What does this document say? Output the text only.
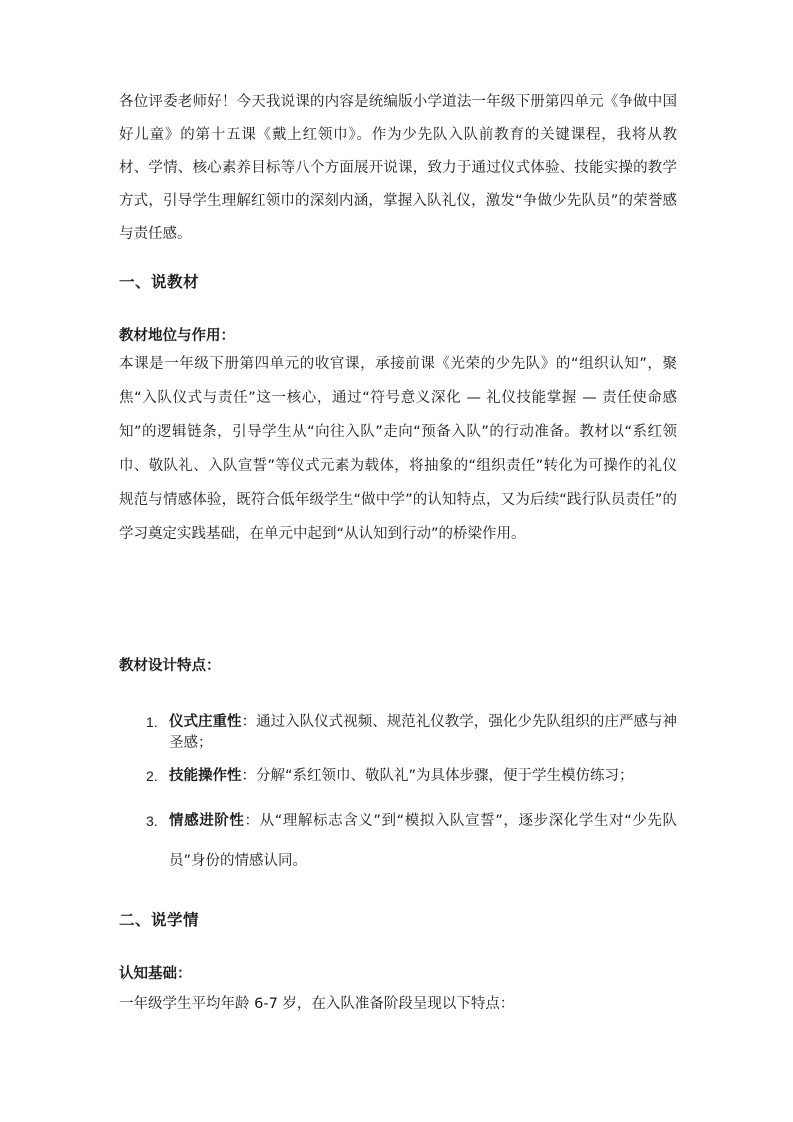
各位评委老师好！今天我说课的内容是统编版小学道法一年级下册第四单元《争做中国好儿童》的第十五课《戴上红领巾》。作为少先队入队前教育的关键课程，我将从教材、学情、核心素养目标等八个方面展开说课，致力于通过仪式体验、技能实操的教学方式，引导学生理解红领巾的深刻内涵，掌握入队礼仪，激发“争做少先队员”的荣誉感与责任感。

一、说教材
教材地位与作用：

本课是一年级下册第四单元的收官课，承接前课《光荣的少先队》的“组织认知”，聚焦“入队仪式与责任”这一核心，通过“符号意义深化 — 礼仪技能掌握 — 责任使命感知”的逻辑链条，引导学生从“向往入队”走向“预备入队”的行动准备。教材以“系红领巾、敬队礼、入队宣誓”等仪式元素为载体，将抽象的“组织责任”转化为可操作的礼仪规范与情感体验，既符合低年级学生“做中学”的认知特点，又为后续“践行队员责任”的学习奠定实践基础，在单元中起到“从认知到行动”的桥梁作用。

教材设计特点：
1. 仪式庄重性：通过入队仪式视频、规范礼仪教学，强化少先队组织的庄严感与神圣感；
2. 技能操作性：分解“系红领巾、敬队礼”为具体步骤，便于学生模仿练习；
3. 情感进阶性：从“理解标志含义”到“模拟入队宣誓”，逐步深化学生对“少先队员”身份的情感认同。
二、说学情
认知基础：

一年级学生平均年龄 6-7 岁，在入队准备阶段呈现以下特点：
